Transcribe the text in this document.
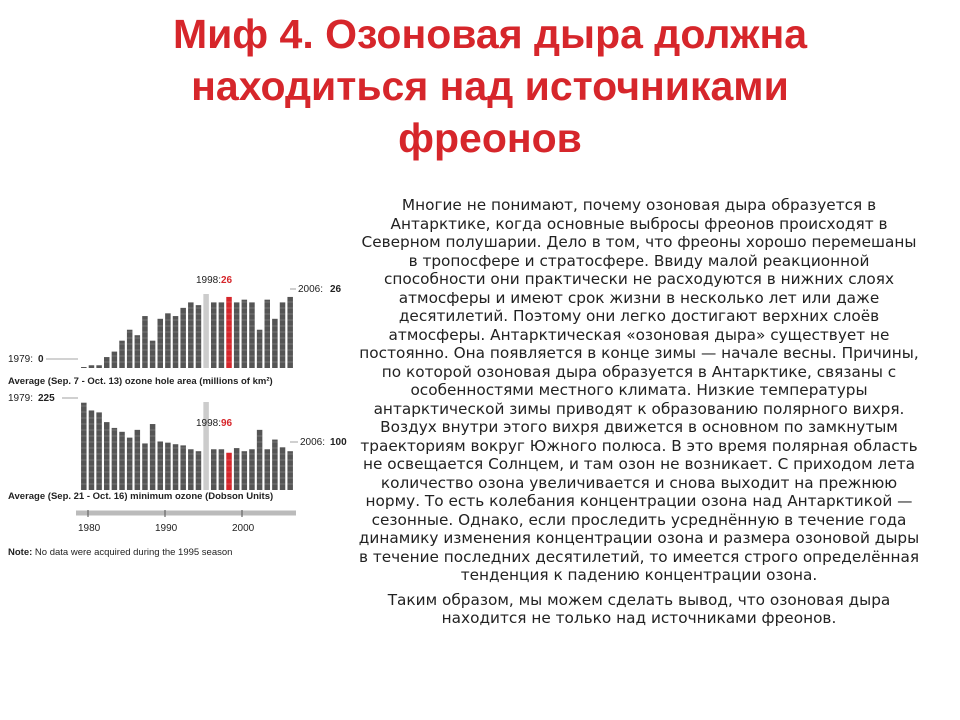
Миф 4. Озоновая дыра должна
находиться над источниками
фреонов

Многие не понимают, почему озоновая дыра образуется в Антарктике, когда основные выбросы фреонов происходят в Северном полушарии. Дело в том, что фреоны хорошо перемешаны в тропосфере и стратосфере. Ввиду малой реакционной способности они практически не расходуются в нижних слоях атмосферы и имеют срок жизни в несколько лет или даже десятилетий. Поэтому они легко достигают верхних слоёв атмосферы. Антарктическая «озоновая дыра» существует не постоянно. Она появляется в конце зимы — начале весны. Причины, по которой озоновая дыра образуется в Антарктике, связаны с особенностями местного климата. Низкие температуры антарктической зимы приводят к образованию полярного вихря. Воздух внутри этого вихря движется в основном по замкнутым траекториям вокруг Южного полюса. В это время полярная область не освещается Солнцем, и там озон не возникает. С приходом лета количество озона увеличивается и снова выходит на прежнюю норму. То есть колебания концентрации озона над Антарктикой — сезонные. Однако, если проследить усреднённую в течение года динамику изменения концентрации озона и размера озоновой дыры в течение последних десятилетий, то имеется строго определённая тенденция к падению концентрации озона.

Таким образом, мы можем сделать вывод, что озоновая дыра находится не только над источниками фреонов.

1979: 0
1998: 26
2006: 26
Average (Sep. 7 - Oct. 13) ozone hole area (millions of km²)
1979: 225
1998: 96
2006: 100
Average (Sep. 21 - Oct. 16) minimum ozone (Dobson Units)
1980	1990	2000
Note: No data were acquired during the 1995 season
